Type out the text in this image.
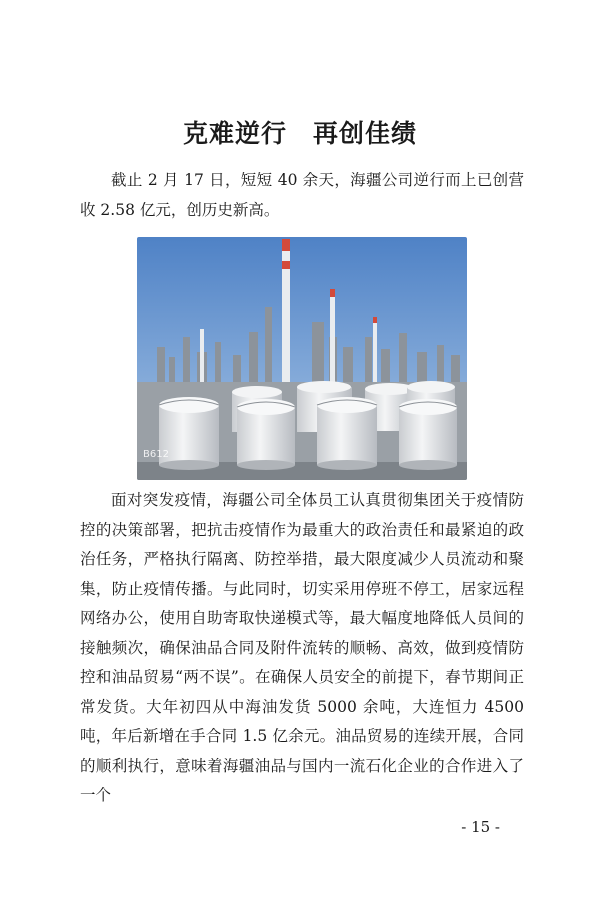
克难逆行　再创佳绩

截止 2 月 17 日，短短 40 余天，海疆公司逆行而上已创营收 2.58 亿元，创历史新高。

B612

面对突发疫情，海疆公司全体员工认真贯彻集团关于疫情防控的决策部署，把抗击疫情作为最重大的政治责任和最紧迫的政治任务，严格执行隔离、防控举措，最大限度减少人员流动和聚集，防止疫情传播。与此同时，切实采用停班不停工，居家远程网络办公，使用自助寄取快递模式等，最大幅度地降低人员间的接触频次，确保油品合同及附件流转的顺畅、高效，做到疫情防控和油品贸易“两不误”。在确保人员安全的前提下，春节期间正常发货。大年初四从中海油发货 5000 余吨，大连恒力 4500 吨，年后新增在手合同 1.5 亿余元。油品贸易的连续开展，合同的顺利执行，意味着海疆油品与国内一流石化企业的合作进入了一个

- 15 -
